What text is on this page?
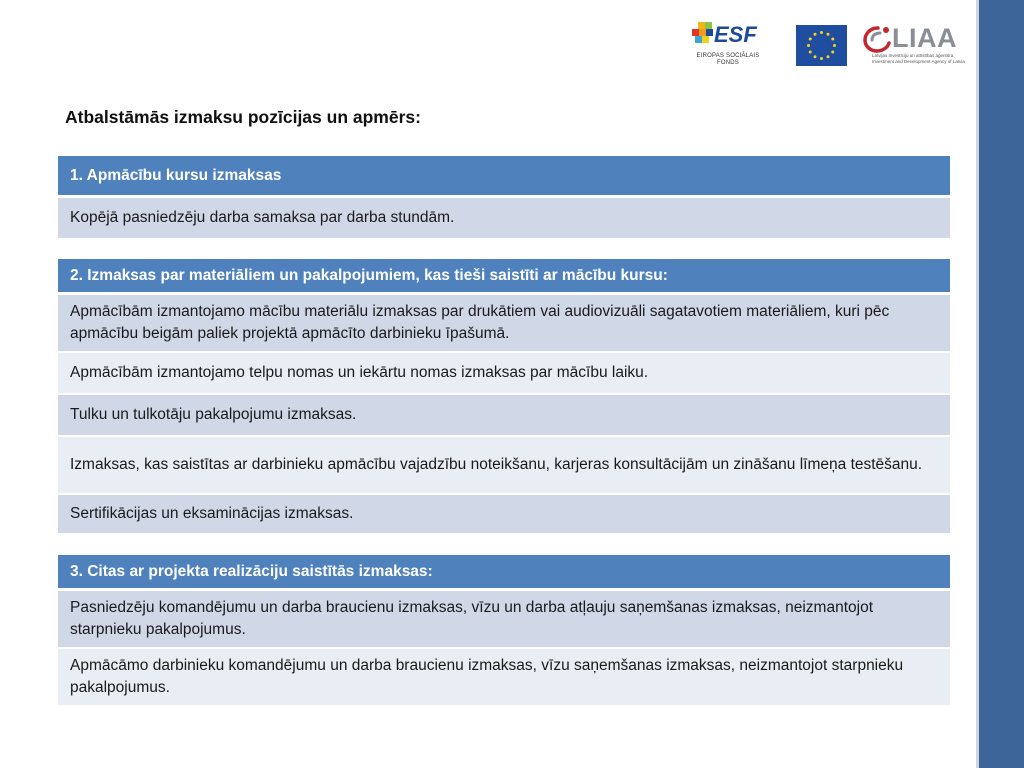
ESF
EIROPAS SOCIĀLAIS
FONDS
LIAA
Latvijas Investīciju un attīstības aģentūra
Investment and Development Agency of Latvia
Atbalstāmās izmaksu pozīcijas un apmērs:
1. Apmācību kursu izmaksas
Kopējā pasniedzēju darba samaksa par darba stundām.
2. Izmaksas par materiāliem un pakalpojumiem, kas tieši saistīti ar mācību kursu:
Apmācībām izmantojamo mācību materiālu izmaksas par drukātiem vai audiovizuāli sagatavotiem materiāliem, kuri pēc apmācību beigām paliek projektā apmācīto darbinieku īpašumā.
Apmācībām izmantojamo telpu nomas un iekārtu nomas izmaksas par mācību laiku.
Tulku un tulkotāju pakalpojumu izmaksas.
Izmaksas, kas saistītas ar darbinieku apmācību vajadzību noteikšanu, karjeras konsultācijām un zināšanu līmeņa testēšanu.
Sertifikācijas un eksaminācijas izmaksas.
3. Citas ar projekta realizāciju saistītās izmaksas:
Pasniedzēju komandējumu un darba braucienu izmaksas, vīzu un darba atļauju saņemšanas izmaksas, neizmantojot starpnieku pakalpojumus.
Apmācāmo darbinieku komandējumu un darba braucienu izmaksas, vīzu saņemšanas izmaksas, neizmantojot starpnieku pakalpojumus.
